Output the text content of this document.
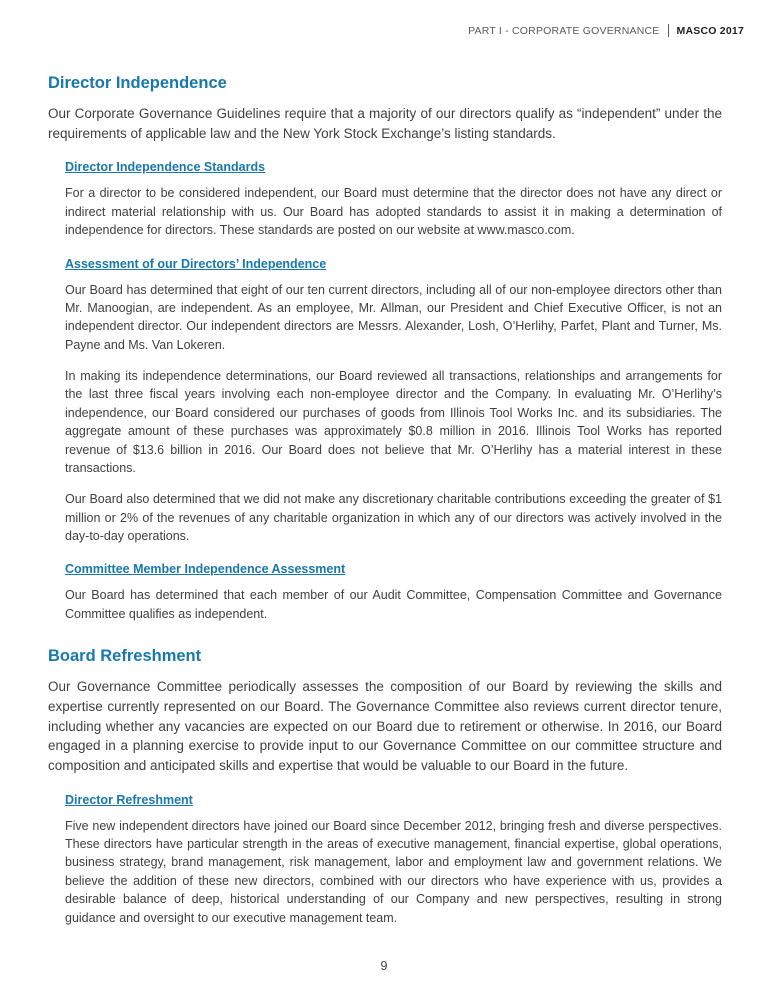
PART I - CORPORATE GOVERNANCE MASCO 2017
Director Independence

Our Corporate Governance Guidelines require that a majority of our directors qualify as “independent” under the requirements of applicable law and the New York Stock Exchange’s listing standards.

Director Independence Standards

For a director to be considered independent, our Board must determine that the director does not have any direct or indirect material relationship with us. Our Board has adopted standards to assist it in making a determination of independence for directors. These standards are posted on our website at www.masco.com.

Assessment of our Directors’ Independence

Our Board has determined that eight of our ten current directors, including all of our non-employee directors other than Mr. Manoogian, are independent. As an employee, Mr. Allman, our President and Chief Executive Officer, is not an independent director. Our independent directors are Messrs. Alexander, Losh, O’Herlihy, Parfet, Plant and Turner, Ms. Payne and Ms. Van Lokeren.

In making its independence determinations, our Board reviewed all transactions, relationships and arrangements for the last three fiscal years involving each non-employee director and the Company. In evaluating Mr. O’Herlihy’s independence, our Board considered our purchases of goods from Illinois Tool Works Inc. and its subsidiaries. The aggregate amount of these purchases was approximately $0.8 million in 2016. Illinois Tool Works has reported revenue of $13.6 billion in 2016. Our Board does not believe that Mr. O’Herlihy has a material interest in these transactions.

Our Board also determined that we did not make any discretionary charitable contributions exceeding the greater of $1 million or 2% of the revenues of any charitable organization in which any of our directors was actively involved in the day-to-day operations.

Committee Member Independence Assessment

Our Board has determined that each member of our Audit Committee, Compensation Committee and Governance Committee qualifies as independent.

Board Refreshment

Our Governance Committee periodically assesses the composition of our Board by reviewing the skills and expertise currently represented on our Board. The Governance Committee also reviews current director tenure, including whether any vacancies are expected on our Board due to retirement or otherwise. In 2016, our Board engaged in a planning exercise to provide input to our Governance Committee on our committee structure and composition and anticipated skills and expertise that would be valuable to our Board in the future.

Director Refreshment

Five new independent directors have joined our Board since December 2012, bringing fresh and diverse perspectives. These directors have particular strength in the areas of executive management, financial expertise, global operations, business strategy, brand management, risk management, labor and employment law and government relations. We believe the addition of these new directors, combined with our directors who have experience with us, provides a desirable balance of deep, historical understanding of our Company and new perspectives, resulting in strong guidance and oversight to our executive management team.

9
